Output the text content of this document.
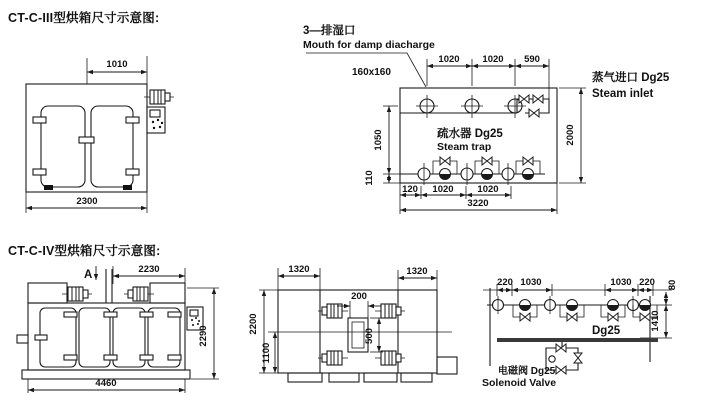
CT-C-III型烘箱尺寸示意图:
CT-C-IV型烘箱尺寸示意图:
1010
2300
3—排湿口
Mouth for damp diacharge
160x160
1020 1020 590
疏水器 Dg25
Steam trap
120 1020	1020
3220
1050
110
2000
蒸气进口 Dg25
Steam inlet
2230
A
4460
2290
200
500
1320	1320
2200
1100
220 1030	1030 220 80
1410
Dg25
电磁阀 Dg25
Solenoid Valve
